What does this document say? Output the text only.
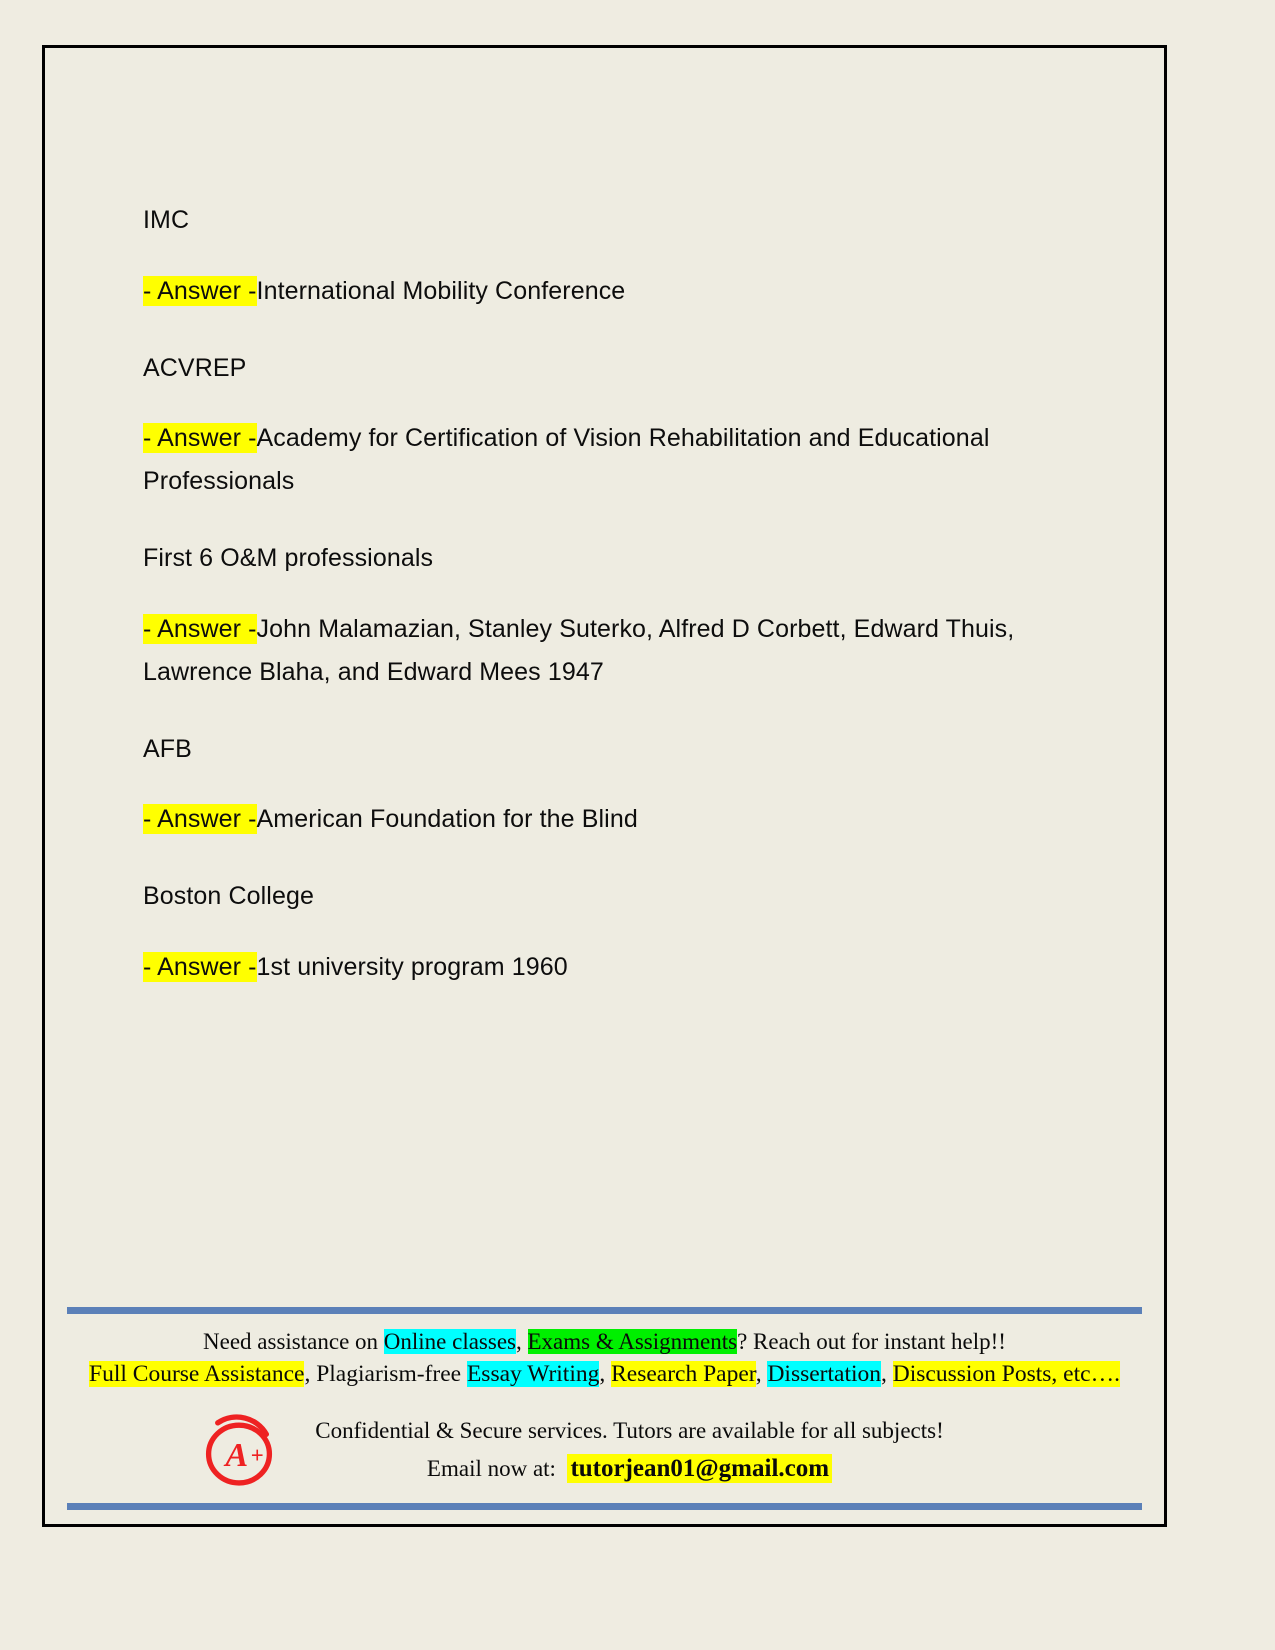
IMC

- Answer -International Mobility Conference

ACVREP

- Answer -Academy for Certification of Vision Rehabilitation and Educational Professionals

First 6 O&M professionals

- Answer -John Malamazian, Stanley Suterko, Alfred D Corbett, Edward Thuis, Lawrence Blaha, and Edward Mees 1947

AFB

- Answer -American Foundation for the Blind

Boston College

- Answer -1st university program 1960

Need assistance on Online classes, Exams & Assignments? Reach out for instant help!!
Full Course Assistance, Plagiarism-free Essay Writing, Research Paper, Dissertation, Discussion Posts, etc….
A +
Confidential & Secure services. Tutors are available for all subjects!
Email now at: tutorjean01@gmail.com
